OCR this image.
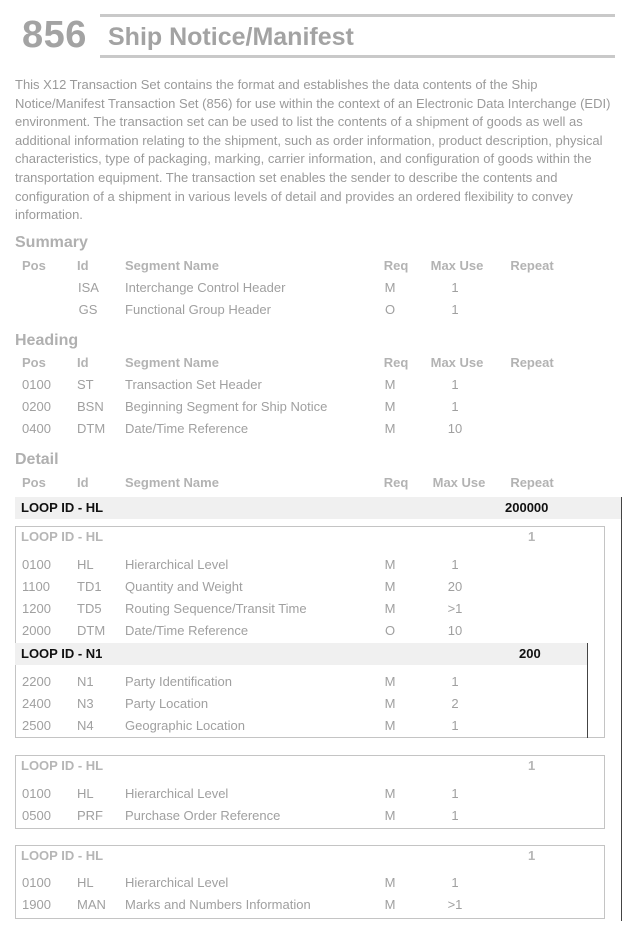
856 Ship Notice/Manifest
This X12 Transaction Set contains the format and establishes the data contents of the Ship Notice/Manifest Transaction Set (856) for use within the context of an Electronic Data Interchange (EDI) environment. The transaction set can be used to list the contents of a shipment of goods as well as additional information relating to the shipment, such as order information, product description, physical characteristics, type of packaging, marking, carrier information, and configuration of goods within the transportation equipment. The transaction set enables the sender to describe the contents and configuration of a shipment in various levels of detail and provides an ordered flexibility to convey information.
Summary
Pos Id	Segment Name	Req	Max Use	Repeat
ISA Interchange Control Header	M	1
GS Functional Group Header	O	1
Heading
Pos Id	Segment Name	Req	Max Use	Repeat
0100 ST Transaction Set Header	M	1
0200 BSN Beginning Segment for Ship Notice	M	1
0400 DTM Date/Time Reference	M	10
Detail
Pos Id	Segment Name	Req	Max Use	Repeat
LOOP ID - HL	200000
LOOP ID - HL	1
0100 HL Hierarchical Level	M	1
1100 TD1 Quantity and Weight	M	20
1200 TD5 Routing Sequence/Transit Time	M	>1
2000 DTM Date/Time Reference	O	10
LOOP ID - N1	200
2200 N1 Party Identification	M	1
2400 N3 Party Location	M	2
2500 N4 Geographic Location	M	1
LOOP ID - HL	1
0100 HL Hierarchical Level	M	1
0500 PRF Purchase Order Reference	M	1
LOOP ID - HL	1
0100 HL Hierarchical Level	M	1
1900 MAN Marks and Numbers Information	M	>1
